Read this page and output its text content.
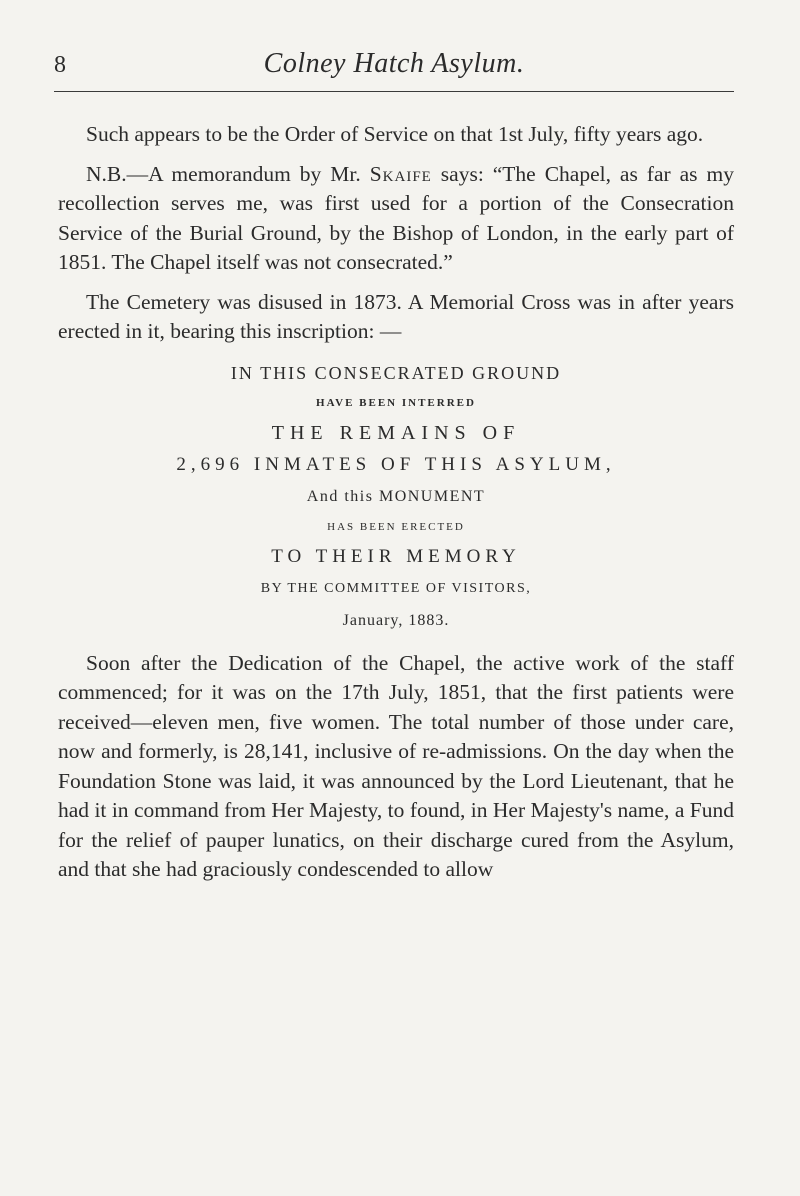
8	Colney Hatch Asylum.

Such appears to be the Order of Service on that 1st July, fifty years ago.

N.B.—A memorandum by Mr. Skaife says: “The Chapel, as far as my recollection serves me, was first used for a portion of the Consecration Service of the Burial Ground, by the Bishop of London, in the early part of 1851. The Chapel itself was not consecrated.”

The Cemetery was disused in 1873. A Memorial Cross was in after years erected in it, bearing this inscription: —

IN THIS CONSECRATED GROUND
HAVE BEEN INTERRED
THE REMAINS OF
2,696 INMATES OF THIS ASYLUM,
And this MONUMENT
HAS BEEN ERECTED
TO THEIR MEMORY
BY THE COMMITTEE OF VISITORS,
January, 1883.

Soon after the Dedication of the Chapel, the active work of the staff commenced; for it was on the 17th July, 1851, that the first patients were received—eleven men, five women. The total number of those under care, now and formerly, is 28,141, inclusive of re-admissions. On the day when the Foundation Stone was laid, it was announced by the Lord Lieutenant, that he had it in command from Her Majesty, to found, in Her Majesty's name, a Fund for the relief of pauper lunatics, on their discharge cured from the Asylum, and that she had graciously condescended to allow
